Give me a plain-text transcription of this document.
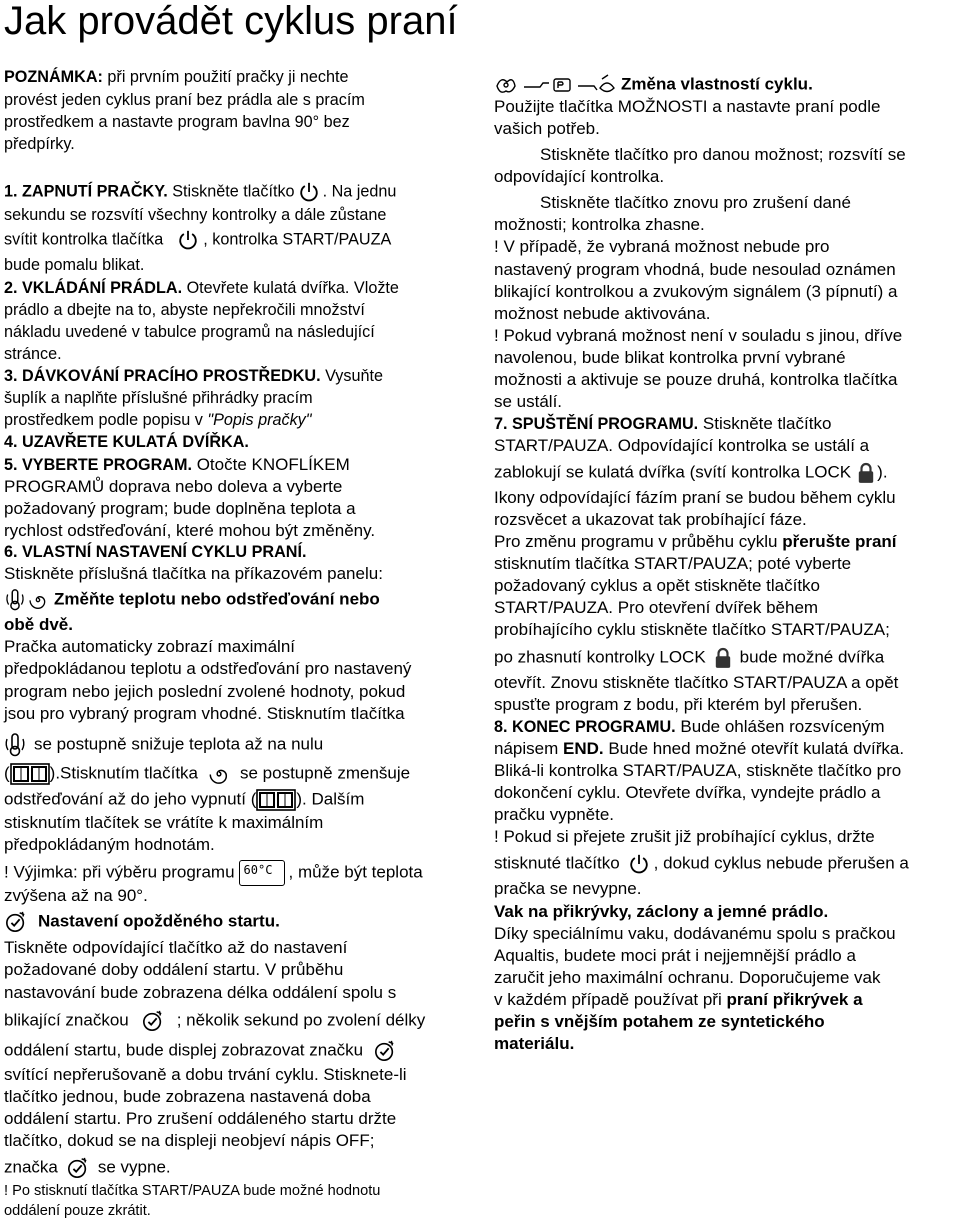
Jak provádět cyklus praní
POZNÁMKA: při prvním použití pračky ji nechte
provést jeden cyklus praní bez prádla ale s pracím
prostředkem a nastavte program bavlna 90° bez
předpírky.
1. ZAPNUTÍ PRAČKY. Stiskněte tlačítko . Na jednu
sekundu se rozsvítí všechny kontrolky a dále zůstane
svítit kontrolka tlačítka , kontrolka START/PAUZA
bude pomalu blikat.
2. VKLÁDÁNÍ PRÁDLA. Otevřete kulatá dvířka. Vložte
prádlo a dbejte na to, abyste nepřekročili množství
nákladu uvedené v tabulce programů na následující
stránce.
3. DÁVKOVÁNÍ PRACÍHO PROSTŘEDKU. Vysuňte
šuplík a naplňte příslušné přihrádky pracím
prostředkem podle popisu v "Popis pračky"
4. UZAVŘETE KULATÁ DVÍŘKA.
5. VYBERTE PROGRAM. Otočte KNOFLÍKEM
PROGRAMŮ doprava nebo doleva a vyberte
požadovaný program; bude doplněna teplota a
rychlost odstřeďování, které mohou být změněny.
6. VLASTNÍ NASTAVENÍ CYKLU PRANÍ.
Stiskněte příslušná tlačítka na příkazovém panelu:
Změňte teplotu nebo odstřeďování nebo
obě dvě.
Pračka automaticky zobrazí maximální
předpokládanou teplotu a odstřeďování pro nastavený
program nebo jejich poslední zvolené hodnoty, pokud
jsou pro vybraný program vhodné. Stisknutím tlačítka
se postupně snižuje teplota až na nulu
( ).Stisknutím tlačítka se postupně zmenšuje
odstřeďování až do jeho vypnutí ( ). Dalším
stisknutím tlačítek se vrátíte k maximálním
předpokládaným hodnotám.
! Výjimka: při výběru programu 60°C , může být teplota
zvýšena až na 90°.
Nastavení opožděného startu.
Tiskněte odpovídající tlačítko až do nastavení
požadované doby oddálení startu. V průběhu
nastavování bude zobrazena délka oddálení spolu s
blikající značkou	; několik sekund po zvolení délky
oddálení startu, bude displej zobrazovat značku
svítící nepřerušovaně a dobu trvání cyklu. Stisknete-li
tlačítko jednou, bude zobrazena nastavená doba
oddálení startu. Pro zrušení oddáleného startu držte
tlačítko, dokud se na displeji neobjeví nápis OFF;
značka se vypne.
! Po stisknutí tlačítka START/PAUZA bude možné hodnotu
oddálení pouze zkrátit.
Změna vlastností cyklu.
Použijte tlačítka MOŽNOSTI a nastavte praní podle
vašich potřeb.
Stiskněte tlačítko pro danou možnost; rozsvítí se
odpovídající kontrolka.
Stiskněte tlačítko znovu pro zrušení dané
možnosti; kontrolka zhasne.
! V případě, že vybraná možnost nebude pro
nastavený program vhodná, bude nesoulad oznámen
blikající kontrolkou a zvukovým signálem (3 pípnutí) a
možnost nebude aktivována.
! Pokud vybraná možnost není v souladu s jinou, dříve
navolenou, bude blikat kontrolka první vybrané
možnosti a aktivuje se pouze druhá, kontrolka tlačítka
se ustálí.
7. SPUŠTĚNÍ PROGRAMU. Stiskněte tlačítko
START/PAUZA. Odpovídající kontrolka se ustálí a
zablokují se kulatá dvířka (svítí kontrolka LOCK ).
Ikony odpovídající fázím praní se budou během cyklu
rozsvěcet a ukazovat tak probíhající fáze.
Pro změnu programu v průběhu cyklu přerušte praní
stisknutím tlačítka START/PAUZA; poté vyberte
požadovaný cyklus a opět stiskněte tlačítko
START/PAUZA. Pro otevření dvířek během
probíhajícího cyklu stiskněte tlačítko START/PAUZA;
po zhasnutí kontrolky LOCK bude možné dvířka
otevřít. Znovu stiskněte tlačítko START/PAUZA a opět
spusťte program z bodu, při kterém byl přerušen.
8. KONEC PROGRAMU. Bude ohlášen rozsvíceným
nápisem END. Bude hned možné otevřít kulatá dvířka.
Bliká-li kontrolka START/PAUZA, stiskněte tlačítko pro
dokončení cyklu. Otevřete dvířka, vyndejte prádlo a
pračku vypněte.
! Pokud si přejete zrušit již probíhající cyklus, držte
stisknuté tlačítko , dokud cyklus nebude přerušen a
pračka se nevypne.
Vak na přikrývky, záclony a jemné prádlo.
Díky speciálnímu vaku, dodávanému spolu s pračkou
Aqualtis, budete moci prát i nejjemnější prádlo a
zaručit jeho maximální ochranu. Doporučujeme vak
v každém případě používat při praní přikrývek a
peřin s vnějším potahem ze syntetického
materiálu.
